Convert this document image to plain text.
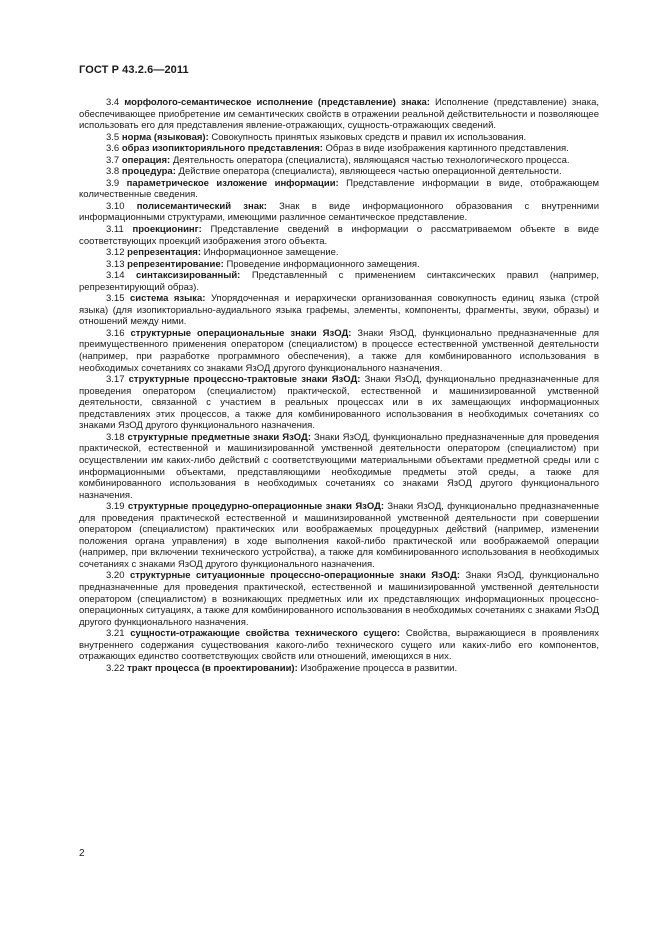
ГОСТ Р 43.2.6—2011

3.4 морфолого-семантическое исполнение (представление) знака: Исполнение (представление) знака, обеспечивающее приобретение им семантических свойств в отражении реальной действительности и позволяющее использовать его для представления явление-отражающих, сущность-отражающих сведений.

3.5 норма (языковая): Совокупность принятых языковых средств и правил их использования.

3.6 образ изопикторияльного представления: Образ в виде изображения картинного представления.

3.7 операция: Деятельность оператора (специалиста), являющаяся частью технологического процесса.

3.8 процедура: Действие оператора (специалиста), являющееся частью операционной деятельности.

3.9 параметрическое изложение информации: Представление информации в виде, отображающем количественные сведения.

3.10 полисемантический знак: Знак в виде информационного образования с внутренними информационными структурами, имеющими различное семантическое представление.

3.11 проекционинг: Представление сведений в информации о рассматриваемом объекте в виде соответствующих проекций изображения этого объекта.

3.12 репрезентация: Информационное замещение.

3.13 репрезентирование: Проведение информационного замещения.

3.14 синтаксизированный: Представленный с применением синтаксических правил (например, репрезентирующий образ).

3.15 система языка: Упорядоченная и иерархически организованная совокупность единиц языка (строй языка) (для изопикториально-аудиального языка графемы, элементы, компоненты, фрагменты, звуки, образы) и отношений между ними.

3.16 структурные операциональные знаки ЯзОД: Знаки ЯзОД, функционально предназначенные для преимущественного применения оператором (специалистом) в процессе естественной умственной деятельности (например, при разработке программного обеспечения), а также для комбинированного использования в необходимых сочетаниях со знаками ЯзОД другого функционального назначения.

3.17 структурные процессно-трактовые знаки ЯзОД: Знаки ЯзОД, функционально предназначенные для проведения оператором (специалистом) практической, естественной и машинизированной умственной деятельности, связанной с участием в реальных процессах или в их замещающих информационных представлениях этих процессов, а также для комбинированного использования в необходимых сочетаниях со знаками ЯзОД другого функционального назначения.

3.18 структурные предметные знаки ЯзОД: Знаки ЯзОД, функционально предназначенные для проведения практической, естественной и машинизированной умственной деятельности оператором (специалистом) при осуществлении им каких-либо действий с соответствующими материальными объектами предметной среды или с информационными объектами, представляющими необходимые предметы этой среды, а также для комбинированного использования в необходимых сочетаниях со знаками ЯзОД другого функционального назначения.

3.19 структурные процедурно-операционные знаки ЯзОД: Знаки ЯзОД, функционально предназначенные для проведения практической естественной и машинизированной умственной деятельности при совершении оператором (специалистом) практических или воображаемых процедурных действий (например, изменении положения органа управления) в ходе выполнения какой-либо практической или воображаемой операции (например, при включении технического устройства), а также для комбинированного использования в необходимых сочетаниях с знаками ЯзОД другого функционального назначения.

3.20 структурные ситуационные процессно-операционные знаки ЯзОД: Знаки ЯзОД, функционально предназначенные для проведения практической, естественной и машинизированной умственной деятельности оператором (специалистом) в возникающих предметных или их представляющих информационных процессно-операционных ситуациях, а также для комбинированного использования в необходимых сочетаниях с знаками ЯзОД другого функционального назначения.

3.21 сущности-отражающие свойства технического сущего: Свойства, выражающиеся в проявлениях внутреннего содержания существования какого-либо технического сущего или каких-либо его компонентов, отражающих единство соответствующих свойств или отношений, имеющихся в них.

3.22 тракт процесса (в проектировании): Изображение процесса в развитии.

2
